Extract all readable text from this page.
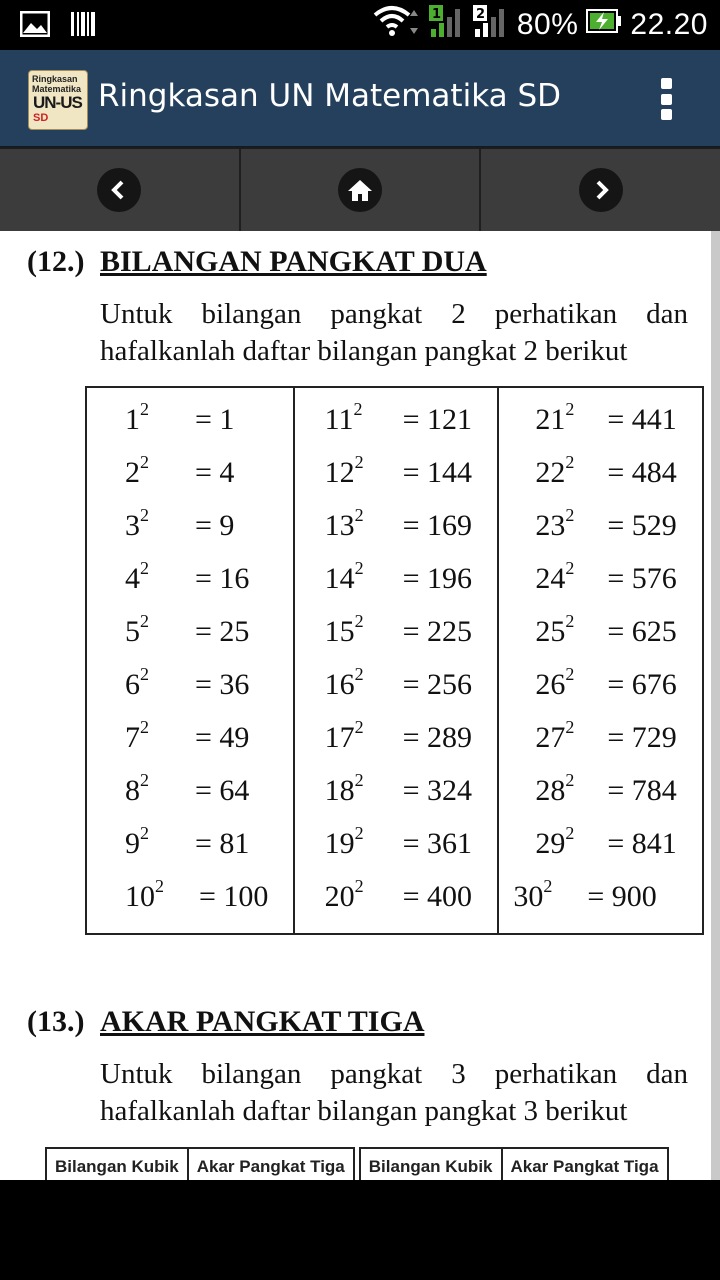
1	2 80% 22.20
Ringkasan
Matematika
UN-US
SD
Ringkasan UN Matematika SD
(12.) BILANGAN PANGKAT DUA
Untuk bilangan pangkat 2 perhatikan dan
hafalkanlah daftar bilangan pangkat 2 berikut
$1^2 = 1$
$2^2 = 4$
$3^2 = 9$
$4^2 = 16$
$5^2 = 25$
$6^2 = 36$
$7^2 = 49$
$8^2 = 64$
$9^2 = 81$
$10^2 = 100$

$11^2 = 121$
$12^2 = 144$
$13^2 = 169$
$14^2 = 196$
$15^2 = 225$
$16^2 = 256$
$17^2 = 289$
$18^2 = 324$
$19^2 = 361$
$20^2 = 400$

$21^2 = 441$
$22^2 = 484$
$23^2 = 529$
$24^2 = 576$
$25^2 = 625$
$26^2 = 676$
$27^2 = 729$
$28^2 = 784$
$29^2 = 841$
$30^2 = 900$
(13.) AKAR PANGKAT TIGA
Untuk bilangan pangkat 3 perhatikan dan
hafalkanlah daftar bilangan pangkat 3 berikut
Bilangan Kubik	Akar Pangkat Tiga		Bilangan Kubik	Akar Pangkat Tiga
